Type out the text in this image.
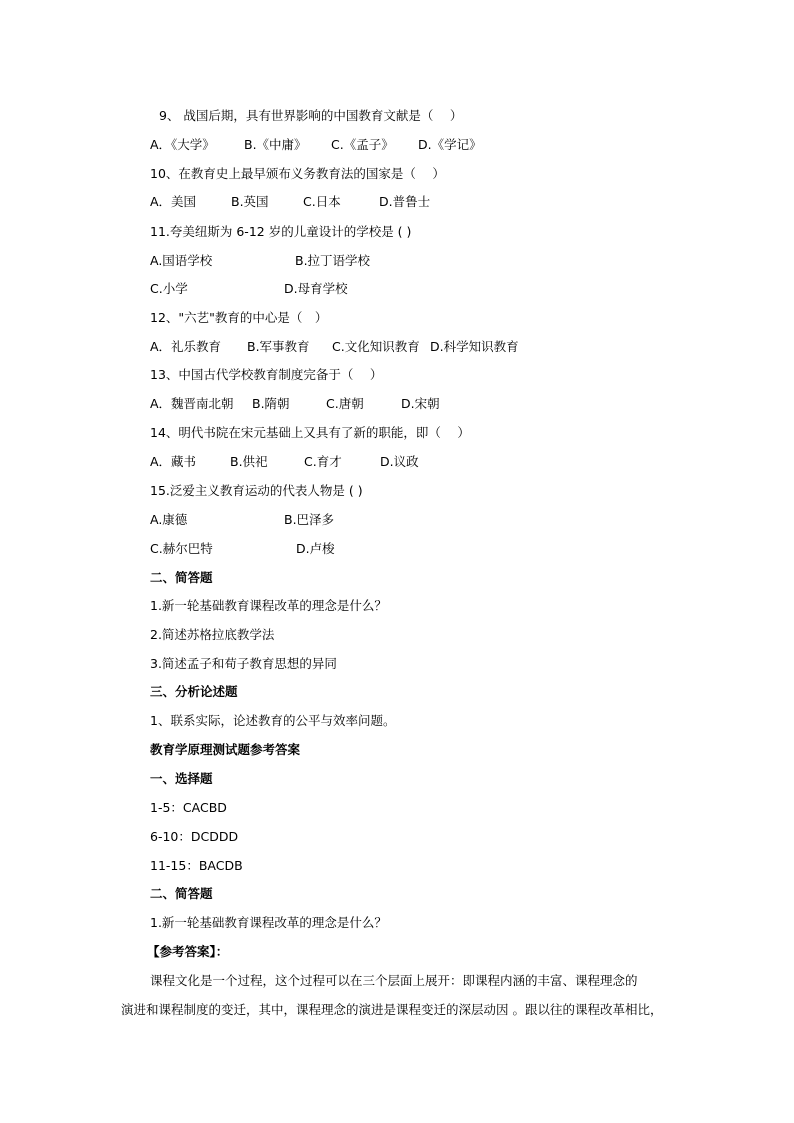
9、 战国后期，具有世界影响的中国教育文献是（　 ）
A．《大学》 B.《中庸》 C.《孟子》 D.《学记》
10、在教育史上最早颁布义务教育法的国家是（　 ）
A．美国	B.英国	C.日本	D.普鲁士
11.夸美纽斯为 6-12 岁的儿童设计的学校是 ( )
A.国语学校	B.拉丁语学校
C.小学	D.母育学校
12、"六艺"教育的中心是（　）
A．礼乐教育 B.军事教育 C.文化知识教育 D.科学知识教育
13、中国古代学校教育制度完备于（　 ）
A．魏晋南北朝 B.隋朝	C.唐朝	D.宋朝
14、明代书院在宋元基础上又具有了新的职能，即（　 ）
A．藏书	B.供祀	C.育才	D.议政
15.泛爱主义教育运动的代表人物是 ( )
A.康德	B.巴泽多
C.赫尔巴特	D.卢梭
二、简答题
1.新一轮基础教育课程改革的理念是什么？
2.简述苏格拉底教学法
3.简述孟子和荀子教育思想的异同
三、分析论述题
1、联系实际，论述教育的公平与效率问题。
教育学原理测试题参考答案
一、选择题
1-5：CACBD
6-10：DCDDD
11-15：BACDB
二、简答题
1.新一轮基础教育课程改革的理念是什么？
【参考答案】：
课程文化是一个过程，这个过程可以在三个层面上展开：即课程内涵的丰富、课程理念的
演进和课程制度的变迁，其中，课程理念的演进是课程变迁的深层动因 。跟以往的课程改革相比，
